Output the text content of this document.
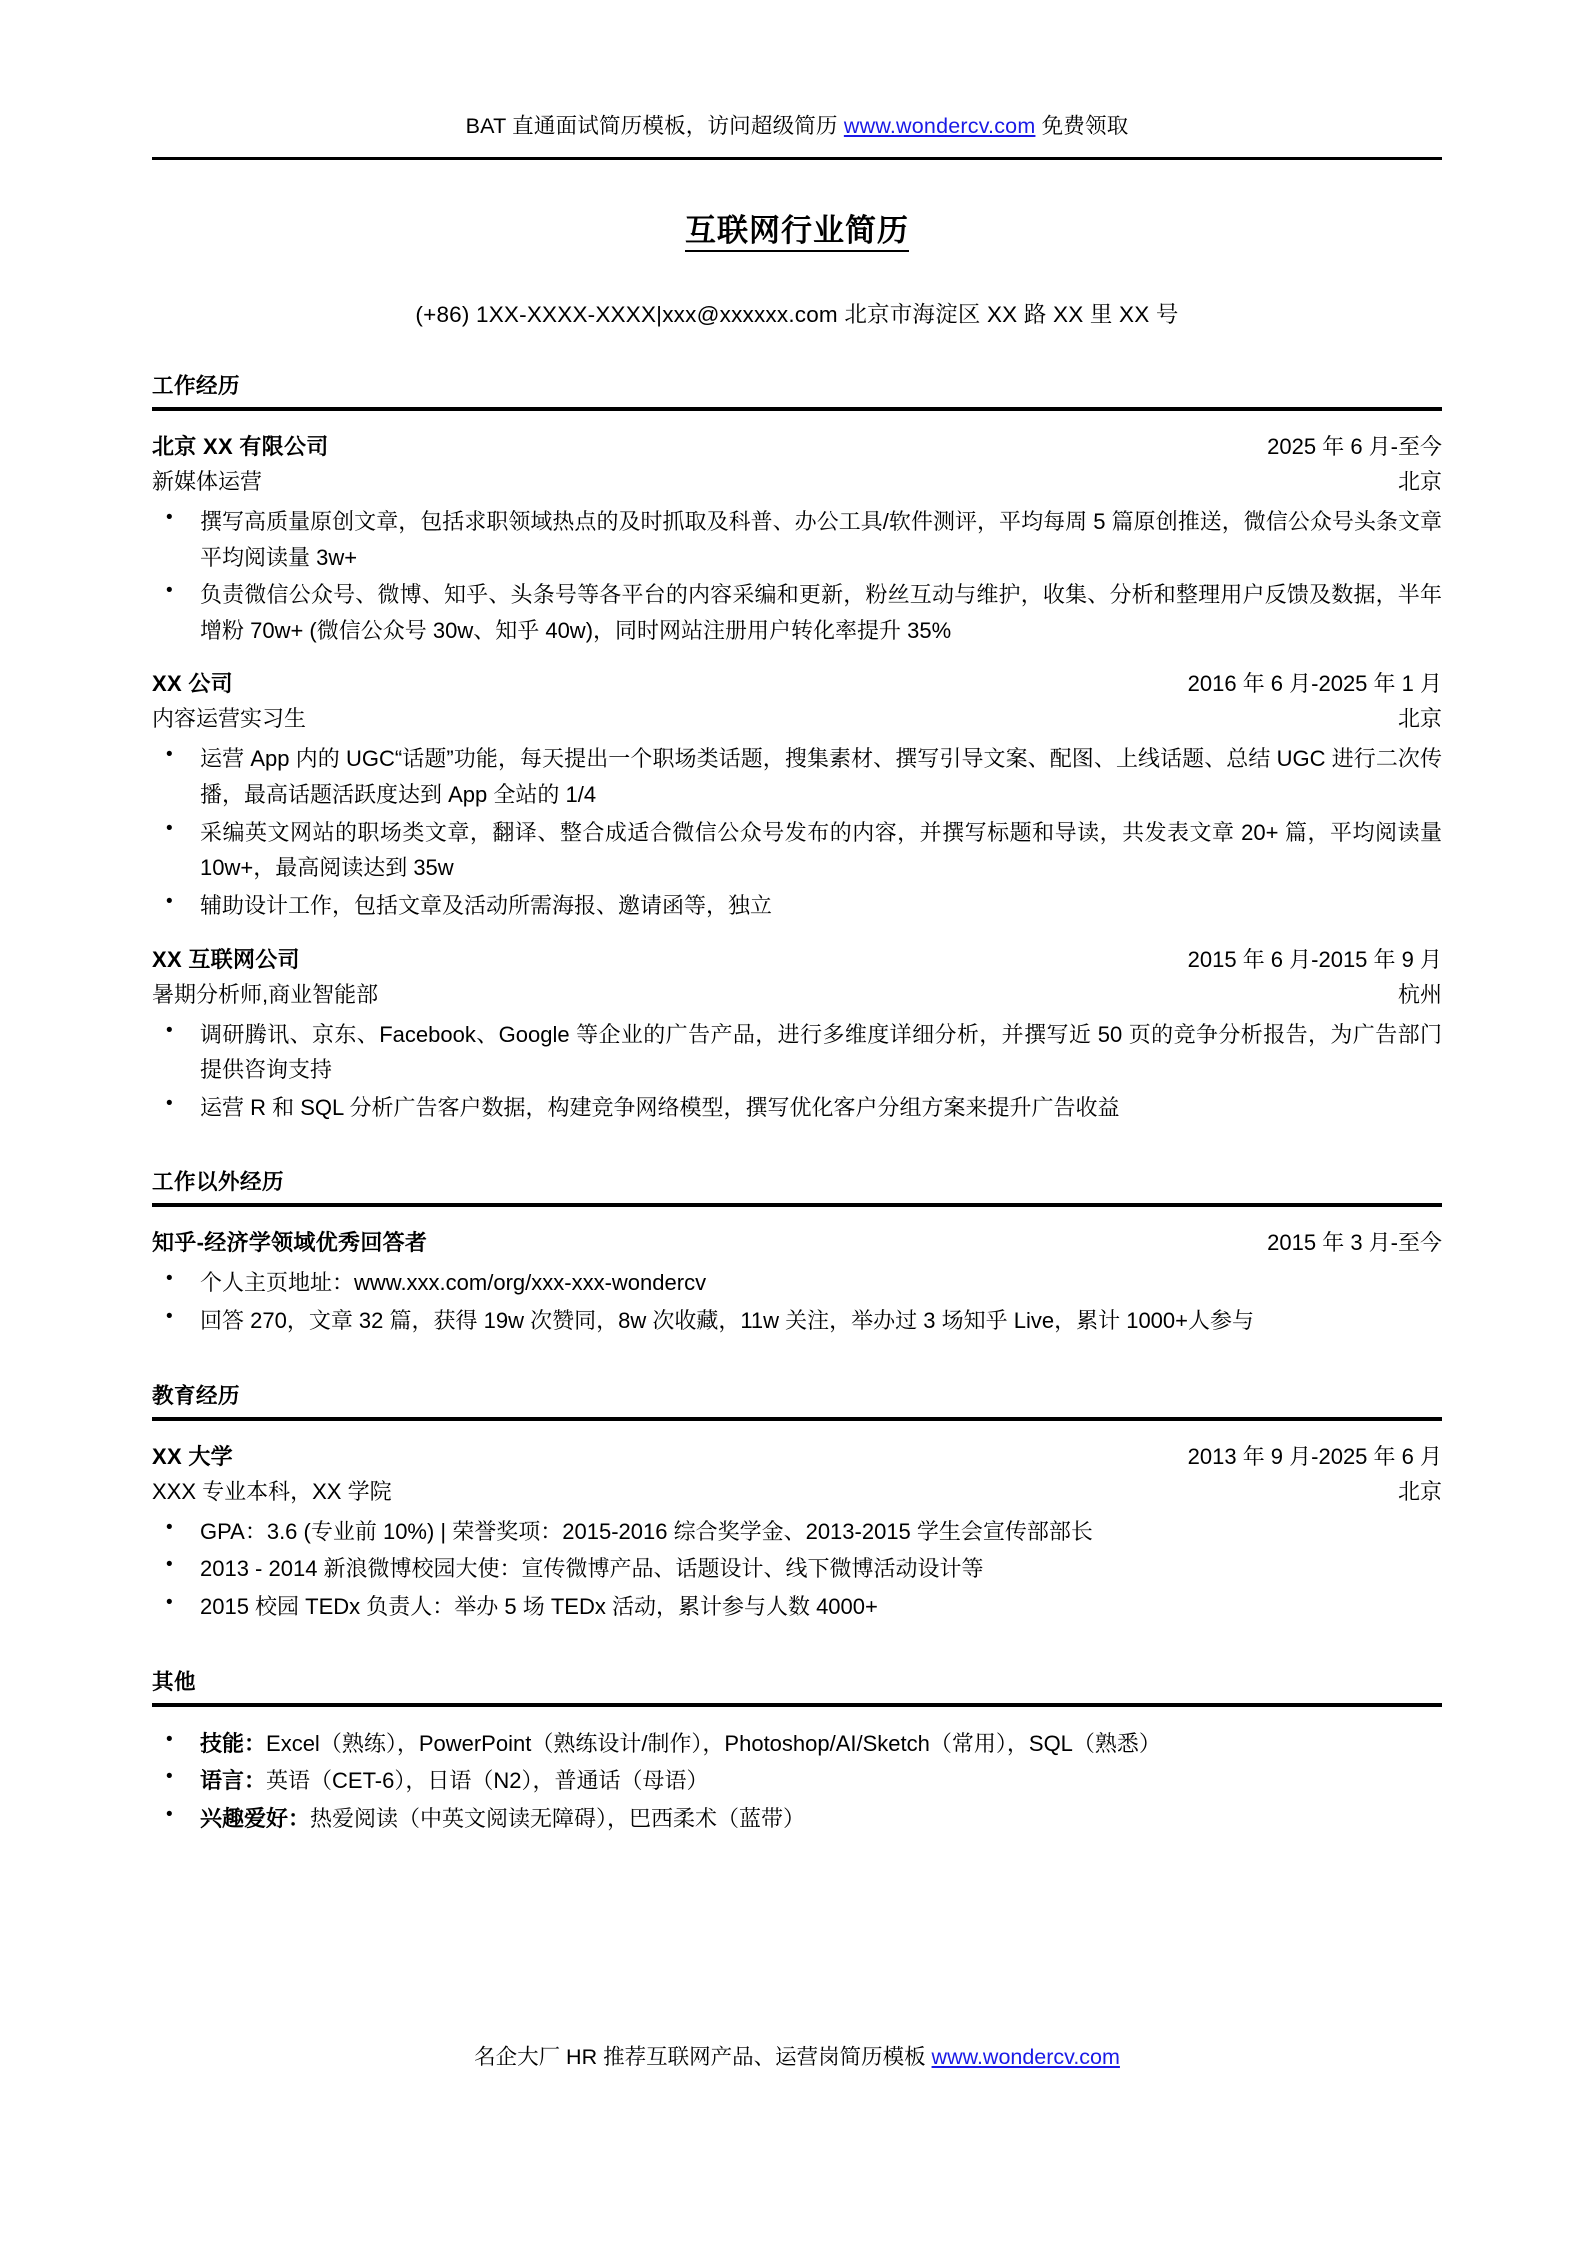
BAT 直通面试简历模板，访问超级简历 www.wondercv.com 免费领取
互联网行业简历
(+86) 1XX-XXXX-XXXX|xxx@xxxxxx.com 北京市海淀区 XX 路 XX 里 XX 号
工作经历
北京 XX 有限公司	2025 年 6 月-至今
新媒体运营	北京
• 撰写高质量原创文章，包括求职领域热点的及时抓取及科普、办公工具/软件测评，平均每周 5 篇原创推送，微信公众号头条文章平均阅读量 3w+
• 负责微信公众号、微博、知乎、头条号等各平台的内容采编和更新，粉丝互动与维护，收集、分析和整理用户反馈及数据，半年增粉 70w+ (微信公众号 30w、知乎 40w)，同时网站注册用户转化率提升 35%
XX 公司	2016 年 6 月-2025 年 1 月
内容运营实习生	北京
• 运营 App 内的 UGC“话题”功能，每天提出一个职场类话题，搜集素材、撰写引导文案、配图、上线话题、总结 UGC 进行二次传播，最高话题活跃度达到 App 全站的 1/4
• 采编英文网站的职场类文章，翻译、整合成适合微信公众号发布的内容，并撰写标题和导读，共发表文章 20+ 篇，平均阅读量 10w+，最高阅读达到 35w
• 辅助设计工作，包括文章及活动所需海报、邀请函等，独立
XX 互联网公司	2015 年 6 月-2015 年 9 月
暑期分析师,商业智能部	杭州
• 调研腾讯、京东、Facebook、Google 等企业的广告产品，进行多维度详细分析，并撰写近 50 页的竞争分析报告，为广告部门提供咨询支持
• 运营 R 和 SQL 分析广告客户数据，构建竞争网络模型，撰写优化客户分组方案来提升广告收益
工作以外经历
知乎-经济学领域优秀回答者	2015 年 3 月-至今
• 个人主页地址：www.xxx.com/org/xxx-xxx-wondercv
• 回答 270，文章 32 篇，获得 19w 次赞同，8w 次收藏，11w 关注，举办过 3 场知乎 Live，累计 1000+人参与
教育经历
XX 大学	2013 年 9 月-2025 年 6 月
XXX 专业本科，XX 学院	北京
• GPA：3.6 (专业前 10%) | 荣誉奖项：2015-2016 综合奖学金、2013-2015 学生会宣传部部长
• 2013 - 2014 新浪微博校园大使：宣传微博产品、话题设计、线下微博活动设计等
• 2015 校园 TEDx 负责人：举办 5 场 TEDx 活动，累计参与人数 4000+
其他
• 技能：Excel（熟练），PowerPoint（熟练设计/制作），Photoshop/AI/Sketch（常用），SQL（熟悉）
• 语言：英语（CET-6），日语（N2），普通话（母语）
• 兴趣爱好：热爱阅读（中英文阅读无障碍），巴西柔术（蓝带）
名企大厂 HR 推荐互联网产品、运营岗简历模板 www.wondercv.com
